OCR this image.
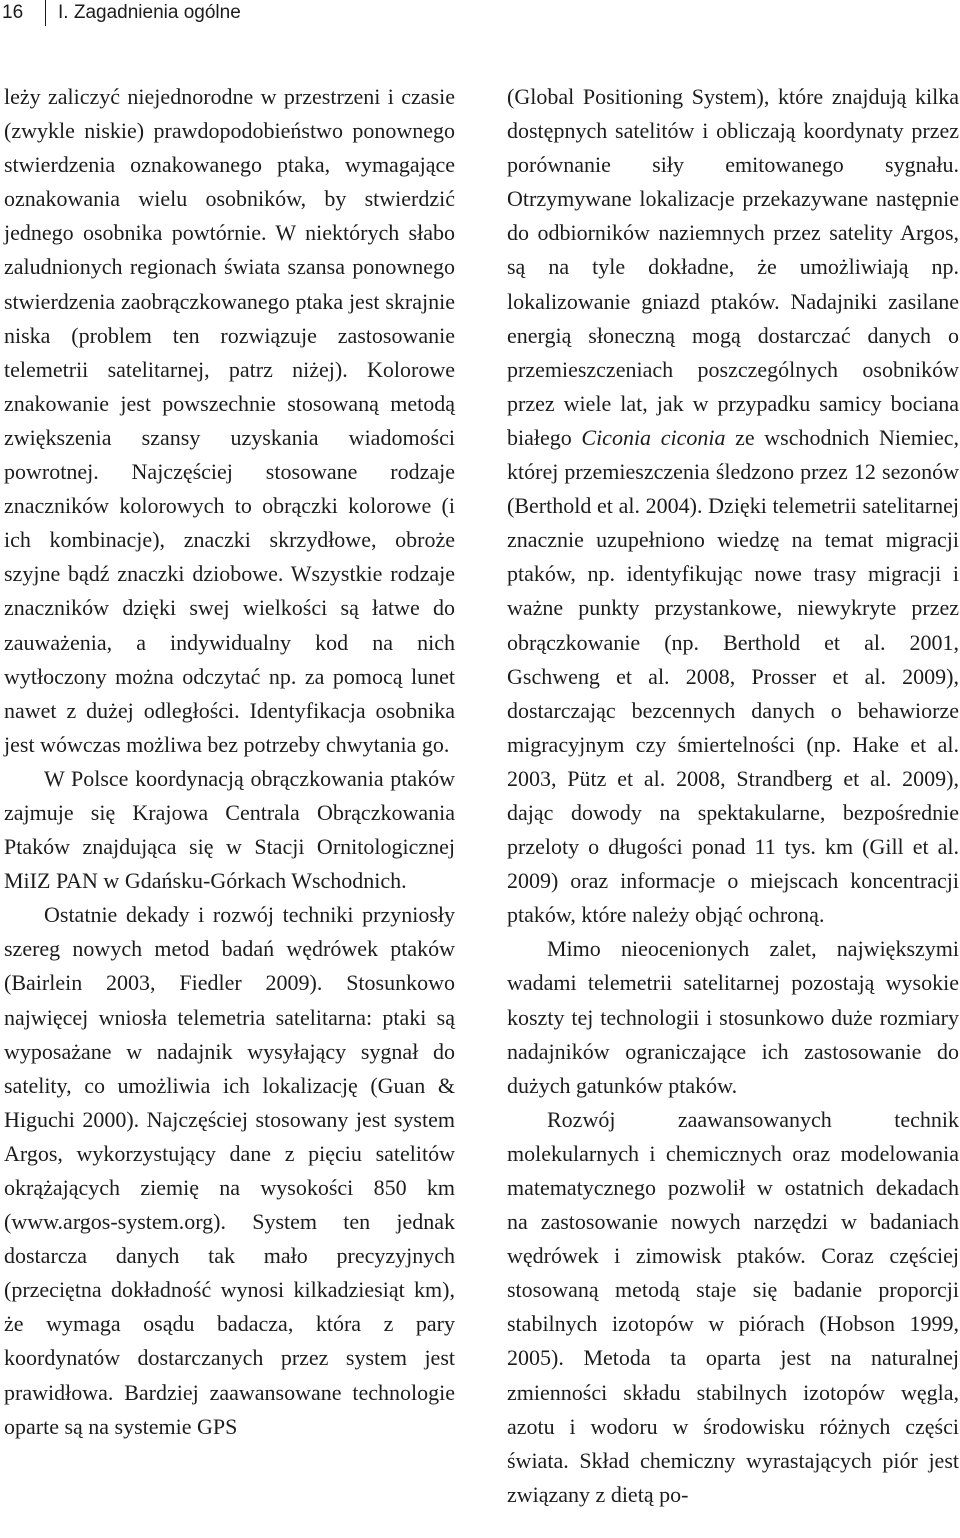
16 I. Zagadnienia ogólne

leży zaliczyć niejednorodne w przestrzeni i czasie (zwykle niskie) prawdopodobieństwo ponownego stwierdzenia oznakowanego ptaka, wymagające oznakowania wielu osobników, by stwierdzić jednego osobnika powtórnie. W niektórych słabo zaludnionych regionach świata szansa ponownego stwierdzenia zaobrączkowanego ptaka jest skrajnie niska (problem ten rozwiązuje zastosowanie telemetrii satelitarnej, patrz niżej). Kolorowe znakowanie jest powszechnie stosowaną metodą zwiększenia szansy uzyskania wiadomości powrotnej. Najczęściej stosowane rodzaje znaczników kolorowych to obrączki kolorowe (i ich kombinacje), znaczki skrzydłowe, obroże szyjne bądź znaczki dziobowe. Wszystkie rodzaje znaczników dzięki swej wielkości są łatwe do zauważenia, a indywidualny kod na nich wytłoczony można odczytać np. za pomocą lunet nawet z dużej odległości. Identyfikacja osobnika jest wówczas możliwa bez potrzeby chwytania go.

W Polsce koordynacją obrączkowania ptaków zajmuje się Krajowa Centrala Obrączkowania Ptaków znajdująca się w Stacji Ornitologicznej MiIZ PAN w Gdańsku-Górkach Wschodnich.

Ostatnie dekady i rozwój techniki przyniosły szereg nowych metod badań wędrówek ptaków (Bairlein 2003, Fiedler 2009). Stosunkowo najwięcej wniosła telemetria satelitarna: ptaki są wyposażane w nadajnik wysyłający sygnał do satelity, co umożliwia ich lokalizację (Guan & Higuchi 2000). Najczęściej stosowany jest system Argos, wykorzystujący dane z pięciu satelitów okrążających ziemię na wysokości 850 km (www.argos-system.org). System ten jednak dostarcza danych tak mało precyzyjnych (przeciętna dokładność wynosi kilkadziesiąt km), że wymaga osądu badacza, która z pary koordynatów dostarczanych przez system jest prawidłowa. Bardziej zaawansowane technologie oparte są na systemie GPS

(Global Positioning System), które znajdują kilka dostępnych satelitów i obliczają koordynaty przez porównanie siły emitowanego sygnału. Otrzymywane lokalizacje przekazywane następnie do odbiorników naziemnych przez satelity Argos, są na tyle dokładne, że umożliwiają np. lokalizowanie gniazd ptaków. Nadajniki zasilane energią słoneczną mogą dostarczać danych o przemieszczeniach poszczególnych osobników przez wiele lat, jak w przypadku samicy bociana białego Ciconia ciconia ze wschodnich Niemiec, której przemieszczenia śledzono przez 12 sezonów (Berthold et al. 2004). Dzięki telemetrii satelitarnej znacznie uzupełniono wiedzę na temat migracji ptaków, np. identyfikując nowe trasy migracji i ważne punkty przystankowe, niewykryte przez obrączkowanie (np. Berthold et al. 2001, Gschweng et al. 2008, Prosser et al. 2009), dostarczając bezcennych danych o behawiorze migracyjnym czy śmiertelności (np. Hake et al. 2003, Pütz et al. 2008, Strandberg et al. 2009), dając dowody na spektakularne, bezpośrednie przeloty o długości ponad 11 tys. km (Gill et al. 2009) oraz informacje o miejscach koncentracji ptaków, które należy objąć ochroną.

Mimo nieocenionych zalet, największymi wadami telemetrii satelitarnej pozostają wysokie koszty tej technologii i stosunkowo duże rozmiary nadajników ograniczające ich zastosowanie do dużych gatunków ptaków.

Rozwój zaawansowanych technik molekularnych i chemicznych oraz modelowania matematycznego pozwolił w ostatnich dekadach na zastosowanie nowych narzędzi w badaniach wędrówek i zimowisk ptaków. Coraz częściej stosowaną metodą staje się badanie proporcji stabilnych izotopów w piórach (Hobson 1999, 2005). Metoda ta oparta jest na naturalnej zmienności składu stabilnych izotopów węgla, azotu i wodoru w środowisku różnych części świata. Skład chemiczny wyrastających piór jest związany z dietą po-
